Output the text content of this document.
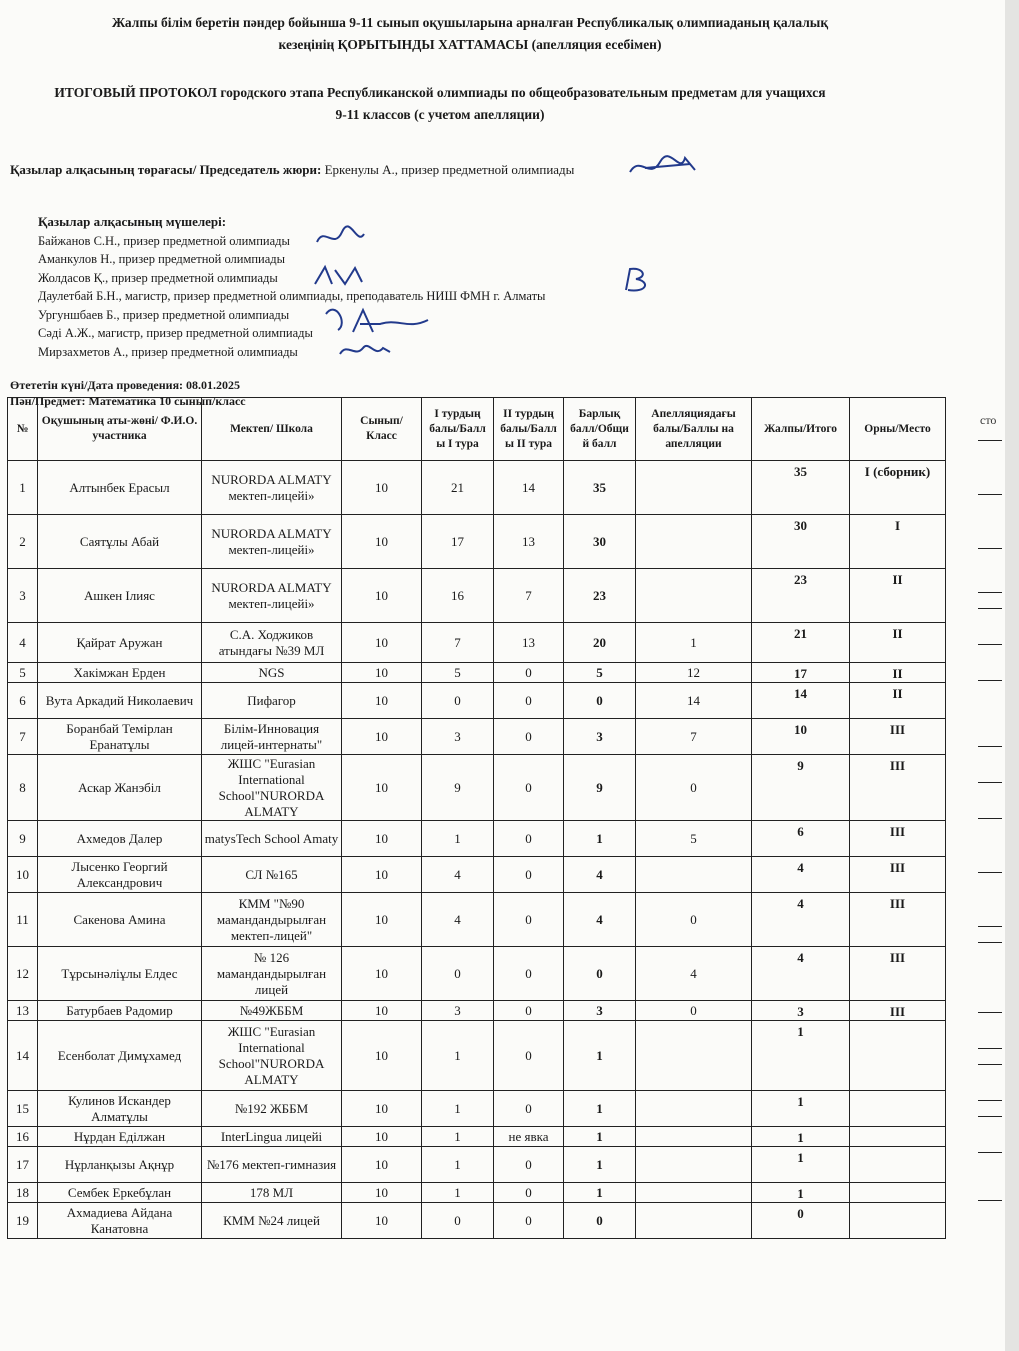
Жалпы білім беретін пәндер бойынша 9-11 сынып оқушыларына арналған Республикалық олимпиаданың қалалық
кезеңінің ҚОРЫТЫНДЫ ХАТТАМАСЫ (апелляция есебімен)
ИТОГОВЫЙ ПРОТОКОЛ городского этапа Республиканской олимпиады по общеобразовательным предметам для учащихся
9-11 классов (с учетом апелляции)
Қазылар алқасының төрағасы/ Председатель жюри: Еркенулы А., призер предметной олимпиады
Қазылар алқасының мүшелері:
Байжанов С.Н., призер предметной олимпиады
Аманкулов Н., призер предметной олимпиады
Жолдасов Қ., призер предметной олимпиады
Даулетбай Б.Н., магистр, призер предметной олимпиады, преподаватель НИШ ФМН г. Алматы
Ургуншбаев Б., призер предметной олимпиады
Сәді А.Ж., магистр, призер предметной олимпиады
Мирзахметов А., призер предметной олимпиады
Өтететін күні/Дата проведения: 08.01.2025
Пән/Предмет: Математика 10 сынып/класс
№	Оқушының аты-жөні/ Ф.И.О. участника	Мектеп/ Школа	Сынып/ Класс	І турдың балы/Балл ы І тура	ІІ турдың балы/Балл ы ІІ тура	Барлық балл/Общи й балл	Апелляциядағы балы/Баллы на апелляции	Жалпы/Итого	Орны/Место
1	Алтынбек Ерасыл	NURORDA ALMATY мектеп-лицейі»	10	21	14	35		35	I (сборник)
2	Саятұлы Абай	NURORDA ALMATY мектеп-лицейі»	10	17	13	30		30	I
3	Ашкен Ілияс	NURORDA ALMATY мектеп-лицейі»	10	16	7	23		23	II
4	Қайрат Аружан	С.А. Ходжиков атындағы №39 МЛ	10	7	13	20	1	21	II
5	Хакімжан Ерден	NGS	10	5	0	5	12	17	II
6	Вута Аркадий Николаевич	Пифагор	10	0	0	0	14	14	II
7	Боранбай Темірлан Еранатұлы	Білім-Инновация лицей-интернаты"	10	3	0	3	7	10	III
8	Аскар Жанэбіл	ЖШС "Eurasian International School"NURORDA ALMATY	10	9	0	9	0	9	III
9	Ахмедов Далер	matysTech School Amaty	10	1	0	1	5	6	III
10	Лысенко Георгий Александрович	СЛ №165	10	4	0	4		4	III
11	Сакенова Амина	КММ "№90 мамандандырылған мектеп-лицей"	10	4	0	4	0	4	III
12	Тұрсынәліұлы Елдес	№ 126 мамандандырылған лицей	10	0	0	0	4	4	III
13	Батурбаев Радомир	№49ЖББМ	10	3	0	3	0	3	III
14	Есенболат Димұхамед	ЖШС "Eurasian International School"NURORDA ALMATY	10	1	0	1		1	
15	Кулинов Искандер Алматұлы	№192 ЖББМ	10	1	0	1		1	
16	Нұрдан Еділжан	InterLingua лицейі	10	1	не явка	1		1	
17	Нұрланқызы Ақнұр	№176 мектеп-гимназия	10	1	0	1		1	
18	Сембек Еркебұлан	178 МЛ	10	1	0	1		1	
19	Ахмадиева Айдана Канатовна	КММ №24 лицей	10	0	0	0		0	
сто
